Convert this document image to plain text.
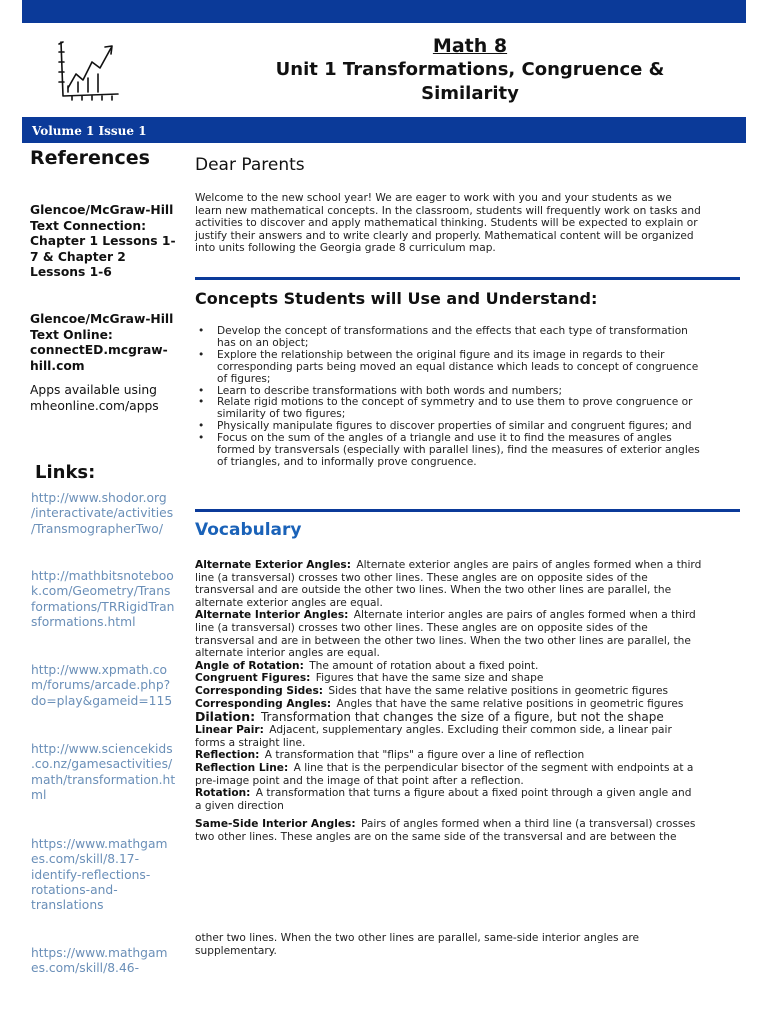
Math 8
Unit 1 Transformations, Congruence &
Similarity
Volume 1 Issue 1
References
Glencoe/McGraw-Hill
Text Connection:
Chapter 1 Lessons 1-
7 & Chapter 2
Lessons 1-6
Glencoe/McGraw-Hill
Text Online:
connectED.mcgraw-
hill.com
Apps available using
mheonline.com/apps
Links:
http://www.shodor.org
/interactivate/activities
/TransmographerTwo/
http://mathbitsnoteboo
k.com/Geometry/Trans
formations/TRRigidTran
sformations.html
http://www.xpmath.co
m/forums/arcade.php?
do=play&gameid=115
http://www.sciencekids
.co.nz/gamesactivities/
math/transformation.ht
ml
https://www.mathgam
es.com/skill/8.17-
identify-reflections-
rotations-and-
translations
https://www.mathgam
es.com/skill/8.46-
Dear Parents
Welcome to the new school year! We are eager to work with you and your students as we
learn new mathematical concepts. In the classroom, students will frequently work on tasks and
activities to discover and apply mathematical thinking. Students will be expected to explain or
justify their answers and to write clearly and properly. Mathematical content will be organized
into units following the Georgia grade 8 curriculum map.
Concepts Students will Use and Understand:
• Develop the concept of transformations and the effects that each type of transformation
has on an object;
• Explore the relationship between the original figure and its image in regards to their
corresponding parts being moved an equal distance which leads to concept of congruence
of figures;
• Learn to describe transformations with both words and numbers;
• Relate rigid motions to the concept of symmetry and to use them to prove congruence or
similarity of two figures;
• Physically manipulate figures to discover properties of similar and congruent figures; and
• Focus on the sum of the angles of a triangle and use it to find the measures of angles
formed by transversals (especially with parallel lines), find the measures of exterior angles
of triangles, and to informally prove congruence.
Vocabulary
Alternate Exterior Angles: Alternate exterior angles are pairs of angles formed when a third
line (a transversal) crosses two other lines. These angles are on opposite sides of the
transversal and are outside the other two lines. When the two other lines are parallel, the
alternate exterior angles are equal.
Alternate Interior Angles: Alternate interior angles are pairs of angles formed when a third
line (a transversal) crosses two other lines. These angles are on opposite sides of the
transversal and are in between the other two lines. When the two other lines are parallel, the
alternate interior angles are equal.
Angle of Rotation: The amount of rotation about a fixed point.
Congruent Figures: Figures that have the same size and shape
Corresponding Sides: Sides that have the same relative positions in geometric figures
Corresponding Angles: Angles that have the same relative positions in geometric figures
Dilation: Transformation that changes the size of a figure, but not the shape
Linear Pair: Adjacent, supplementary angles. Excluding their common side, a linear pair
forms a straight line.
Reflection: A transformation that "flips" a figure over a line of reflection
Reflection Line: A line that is the perpendicular bisector of the segment with endpoints at a
pre-image point and the image of that point after a reflection.
Rotation: A transformation that turns a figure about a fixed point through a given angle and
a given direction
Same-Side Interior Angles: Pairs of angles formed when a third line (a transversal) crosses
two other lines. These angles are on the same side of the transversal and are between the
other two lines. When the two other lines are parallel, same-side interior angles are
supplementary.
